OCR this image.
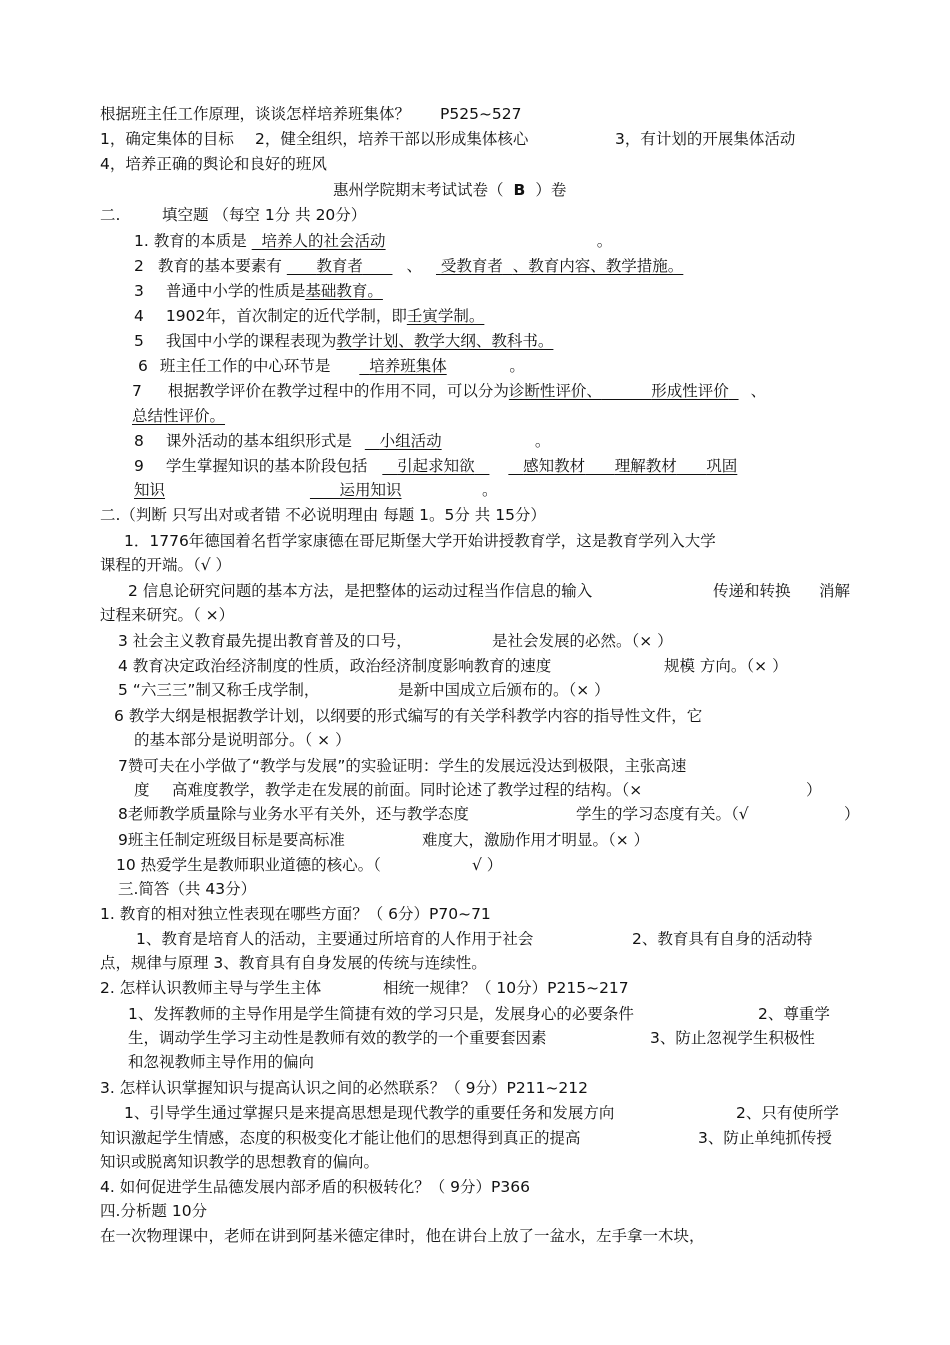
根据班主任工作原理，谈谈怎样培养班集体？ P525~527
1，确定集体的目标 2，健全组织，培养干部以形成集体核心	3，有计划的开展集体活动
4，培养正确的舆论和良好的班风
惠州学院期末考试试卷（ B ）卷
二.	填空题 （每空 1分 共 20分）
1. 教育的本质是 培养人的社会活动	。
2 教育的基本要素有 教育者	、 受教育者 、教育内容、教学措施。
3 普通中小学的性质是基础教育。
4 1902年，首次制定的近代学制，即壬寅学制。
5 我国中小学的课程表现为教学计划、教学大纲、教科书。
6 班主任工作的中心环节是	培养班集体	。
7 根据教学评价在教学过程中的作用不同，可以分为诊断性评价、	形成性评价 、
总结性评价。
8 课外活动的基本组织形式是 小组活动	。
9 学生掌握知识的基本阶段包括 引起求知欲	感知教材 理解教材 巩固
知识	运用知识	。
二.（判断 只写出对或者错 不必说明理由 每题 1。5分 共 15分）
1．1776年德国着名哲学家康德在哥尼斯堡大学开始讲授教育学，这是教育学列入大学
课程的开端。（√ ）
2 信息论研究问题的基本方法，是把整体的运动过程当作信息的输入	传递和转换 消解
过程来研究。（ ×）
3 社会主义教育最先提出教育普及的口号，	是社会发展的必然。（× ）
4 教育决定政治经济制度的性质，政治经济制度影响教育的速度	规模 方向。（× ）
5 “六三三”制又称壬戌学制，	是新中国成立后颁布的。（× ）
6 教学大纲是根据教学计划，以纲要的形式编写的有关学科教学内容的指导性文件，它
的基本部分是说明部分。（ × ）
7赞可夫在小学做了“教学与发展”的实验证明：学生的发展远没达到极限，主张高速
度 高难度教学，教学走在发展的前面。同时论述了教学过程的结构。（×	）
8老师教学质量除与业务水平有关外，还与教学态度	学生的学习态度有关。（√	）
9班主任制定班级目标是要高标准	难度大，激励作用才明显。（× ）
10 热爱学生是教师职业道德的核心。（	√ ）
三.简答（共 43分）
1. 教育的相对独立性表现在哪些方面？（ 6分）P70~71
1、教育是培育人的活动，主要通过所培育的人作用于社会	2、教育具有自身的活动特
点，规律与原理 3、教育具有自身发展的传统与连续性。
2. 怎样认识教师主导与学生主体	相统一规律？（ 10分）P215~217
1、发挥教师的主导作用是学生简捷有效的学习只是，发展身心的必要条件	2、尊重学
生，调动学生学习主动性是教师有效的教学的一个重要套因素	3、防止忽视学生积极性
和忽视教师主导作用的偏向
3. 怎样认识掌握知识与提高认识之间的必然联系？（ 9分）P211~212
1、引导学生通过掌握只是来提高思想是现代教学的重要任务和发展方向	2、只有使所学
知识激起学生情感，态度的积极变化才能让他们的思想得到真正的提高	3、防止单纯抓传授
知识或脱离知识教学的思想教育的偏向。
4. 如何促进学生品德发展内部矛盾的积极转化？（ 9分）P366
四.分析题 10分
在一次物理课中，老师在讲到阿基米德定律时，他在讲台上放了一盆水，左手拿一木块，
